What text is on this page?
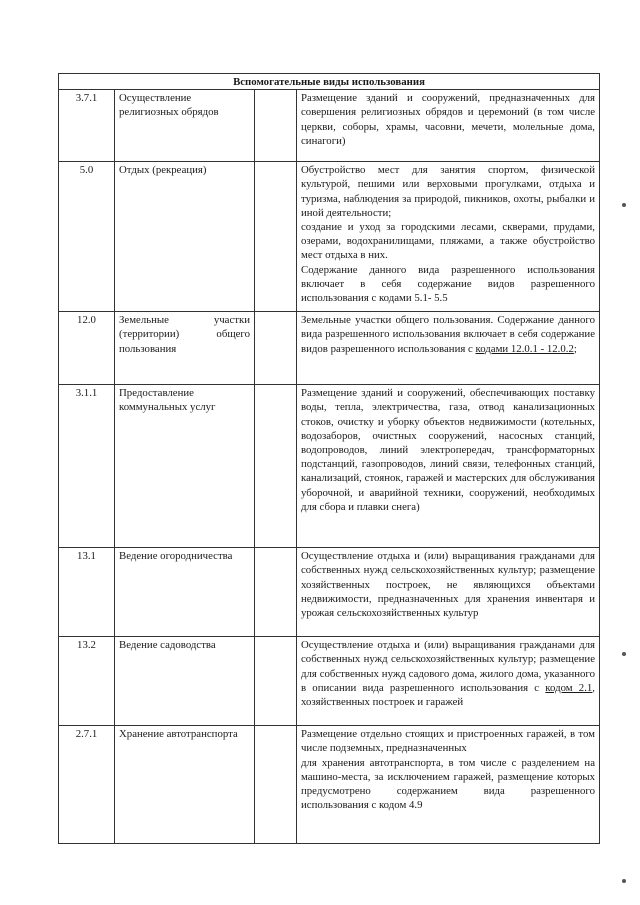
Вспомогательные виды использования			
3.7.1	Осуществление религиозных обрядов		Размещение зданий и сооружений, предназначенных для совершения религиозных обрядов и церемоний (в том числе церкви, соборы, храмы, часовни, мечети, молельные дома, синагоги)
5.0	Отдых (рекреация)		Обустройство мест для занятия спортом, физической культурой, пешими или верховыми прогулками, отдыха и туризма, наблюдения за природой, пикников, охоты, рыбалки и иной деятельности;
создание и уход за городскими лесами, скверами, прудами, озерами, водохранилищами, пляжами, а также обустройство мест отдыха в них.
Содержание данного вида разрешенного использования включает в себя содержание видов разрешенного использования с кодами 5.1- 5.5

12.0	Земельные участки (территории) общего пользования		Земельные участки общего пользования. Содержание данного вида разрешенного использования включает в себя содержание видов разрешенного использования с кодами 12.0.1 - 12.0.2;
3.1.1	Предоставление коммунальных услуг		Размещение зданий и сооружений, обеспечивающих поставку воды, тепла, электричества, газа, отвод канализационных стоков, очистку и уборку объектов недвижимости (котельных, водозаборов, очистных сооружений, насосных станций, водопроводов, линий электропередач, трансформаторных подстанций, газопроводов, линий связи, телефонных станций, канализаций, стоянок, гаражей и мастерских для обслуживания уборочной, и аварийной техники, сооружений, необходимых для сбора и плавки снега)
13.1	Ведение огородничества		Осуществление отдыха и (или) выращивания гражданами для собственных нужд сельскохозяйственных культур; размещение хозяйственных построек, не являющихся объектами недвижимости, предназначенных для хранения инвентаря и урожая сельскохозяйственных культур
13.2	Ведение садоводства		Осуществление отдыха и (или) выращивания гражданами для собственных нужд сельскохозяйственных культур; размещение для собственных нужд садового дома, жилого дома, указанного в описании вида разрешенного использования с кодом 2.1, хозяйственных построек и гаражей
2.7.1	Хранение автотранспорта		Размещение отдельно стоящих и пристроенных гаражей, в том числе подземных, предназначенных
для хранения автотранспорта, в том числе с разделением на машино-места, за исключением гаражей, размещение которых предусмотрено содержанием вида разрешенного использования с кодом 4.9
